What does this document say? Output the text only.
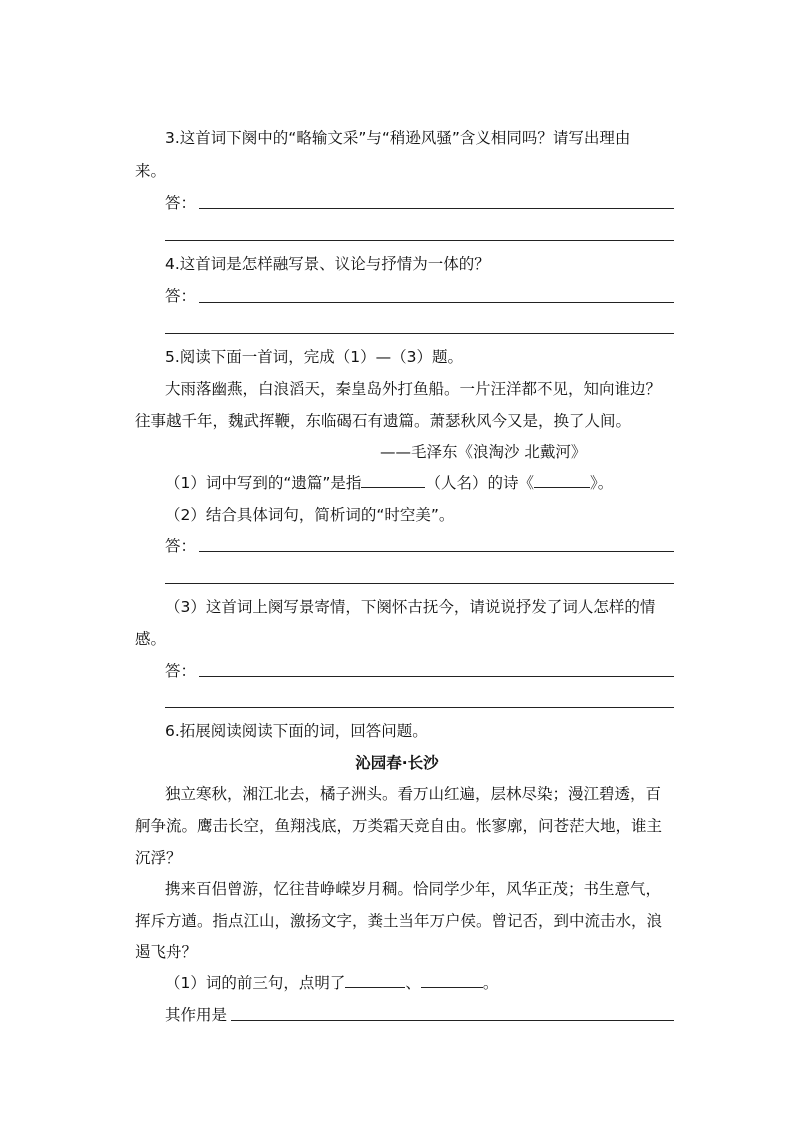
3.这首词下阕中的“略输文采”与“稍逊风骚”含义相同吗？请写出理由
来。
答：
4.这首词是怎样融写景、议论与抒情为一体的？
答：
5.阅读下面一首词，完成（1）—（3）题。
大雨落幽燕，白浪滔天，秦皇岛外打鱼船。一片汪洋都不见，知向谁边？
往事越千年，魏武挥鞭，东临碣石有遗篇。萧瑟秋风今又是，换了人间。
——毛泽东《浪淘沙 北戴河》
（1）词中写到的“遗篇”是指	（人名）的诗《	》。
（2）结合具体词句，简析词的“时空美”。
答：
（3）这首词上阕写景寄情，下阕怀古抚今，请说说抒发了词人怎样的情
感。
答：
6.拓展阅读阅读下面的词，回答问题。
沁园春·长沙
独立寒秋，湘江北去，橘子洲头。看万山红遍，层林尽染；漫江碧透，百
舸争流。鹰击长空，鱼翔浅底，万类霜天竞自由。怅寥廓，问苍茫大地，谁主
沉浮？
携来百侣曾游，忆往昔峥嵘岁月稠。恰同学少年，风华正茂；书生意气，
挥斥方遒。指点江山，激扬文字，粪土当年万户侯。曾记否，到中流击水，浪
遏飞舟？
（1）词的前三句，点明了	、	。
其作用是
